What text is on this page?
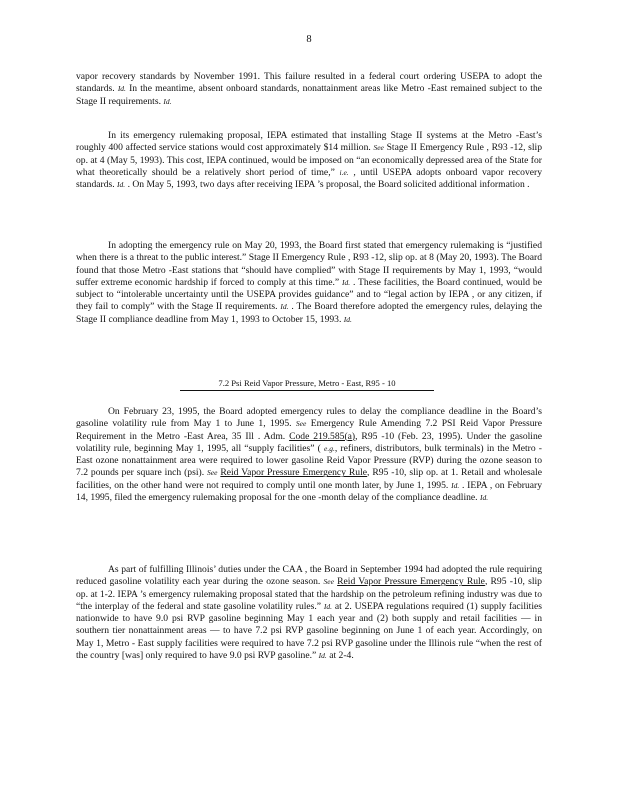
8

vapor recovery standards by November 1991. This failure resulted in a federal court ordering USEPA to adopt the standards. Id. In the meantime, absent onboard standards, nonattainment areas like Metro -East remained subject to the Stage II requirements. Id.

In its emergency rulemaking proposal, IEPA estimated that installing Stage II systems at the Metro -East’s roughly 400 affected service stations would cost approximately $14 million. See Stage II Emergency Rule , R93 -12, slip op. at 4 (May 5, 1993). This cost, IEPA continued, would be imposed on “an economically depressed area of the State for what theoretically should be a relatively short period of time,” i.e. , until USEPA adopts onboard vapor recovery standards. Id. . On May 5, 1993, two days after receiving IEPA ’s proposal, the Board solicited additional information .

In adopting the emergency rule on May 20, 1993, the Board first stated that emergency rulemaking is “justified when there is a threat to the public interest.” Stage II Emergency Rule , R93 -12, slip op. at 8 (May 20, 1993). The Board found that those Metro -East stations that “should have complied” with Stage II requirements by May 1, 1993, “would suffer extreme economic hardship if forced to comply at this time.” Id. . These facilities, the Board continued, would be subject to “intolerable uncertainty until the USEPA provides guidance” and to “legal action by IEPA , or any citizen, if they fail to comply” with the Stage II requirements. Id. . The Board therefore adopted the emergency rules, delaying the Stage II compliance deadline from May 1, 1993 to October 15, 1993. Id.

7.2 Psi Reid Vapor Pressure, Metro - East, R95 - 10

On February 23, 1995, the Board adopted emergency rules to delay the compliance deadline in the Board’s gasoline volatility rule from May 1 to June 1, 1995. See Emergency Rule Amending 7.2 PSI Reid Vapor Pressure Requirement in the Metro -East Area, 35 Ill . Adm. Code 219.585(a), R95 -10 (Feb. 23, 1995). Under the gasoline volatility rule, beginning May 1, 1995, all “supply facilities” ( e.g., refiners, distributors, bulk terminals) in the Metro -East ozone nonattainment area were required to lower gasoline Reid Vapor Pressure (RVP) during the ozone season to 7.2 pounds per square inch (psi). See Reid Vapor Pressure Emergency Rule, R95 -10, slip op. at 1. Retail and wholesale facilities, on the other hand were not required to comply until one month later, by June 1, 1995. Id. . IEPA , on February 14, 1995, filed the emergency rulemaking proposal for the one -month delay of the compliance deadline. Id.

As part of fulfilling Illinois’ duties under the CAA , the Board in September 1994 had adopted the rule requiring reduced gasoline volatility each year during the ozone season. See Reid Vapor Pressure Emergency Rule, R95 -10, slip op. at 1-2. IEPA ’s emergency rulemaking proposal stated that the hardship on the petroleum refining industry was due to “the interplay of the federal and state gasoline volatility rules.” Id. at 2. USEPA regulations required (1) supply facilities nationwide to have 9.0 psi RVP gasoline beginning May 1 each year and (2) both supply and retail facilities — in southern tier nonattainment areas — to have 7.2 psi RVP gasoline beginning on June 1 of each year. Accordingly, on May 1, Metro - East supply facilities were required to have 7.2 psi RVP gasoline under the Illinois rule “when the rest of the country [was] only required to have 9.0 psi RVP gasoline.” Id. at 2-4.
